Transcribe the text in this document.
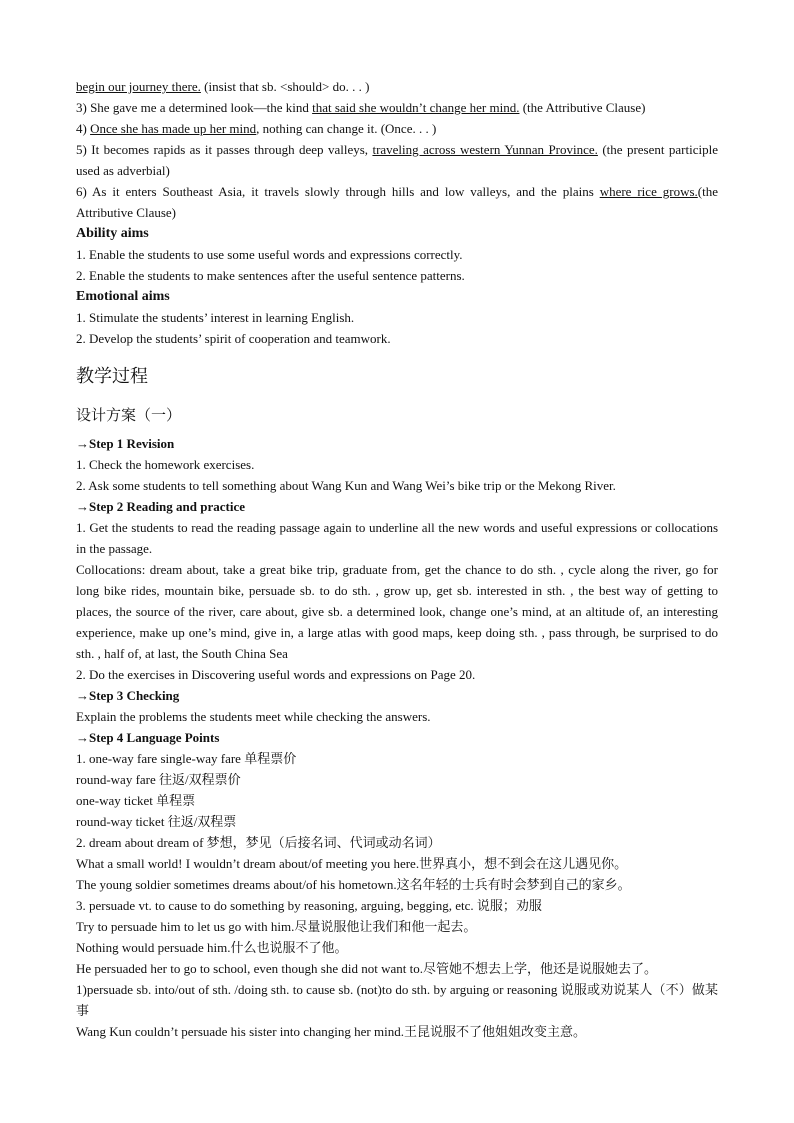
begin our journey there. (insist that sb. <should> do. . . )

3) She gave me a determined look—the kind that said she wouldn’t change her mind. (the Attributive Clause)

4) Once she has made up her mind, nothing can change it. (Once. . . )

5) It becomes rapids as it passes through deep valleys, traveling across western Yunnan Province. (the present participle used as adverbial)

6) As it enters Southeast Asia, it travels slowly through hills and low valleys, and the plains where rice grows.(the Attributive Clause)

Ability aims

1. Enable the students to use some useful words and expressions correctly.

2. Enable the students to make sentences after the useful sentence patterns.

Emotional aims

1. Stimulate the students’ interest in learning English.

2. Develop the students’ spirit of cooperation and teamwork.

教学过程

设计方案（一）

→Step 1 Revision

1. Check the homework exercises.

2. Ask some students to tell something about Wang Kun and Wang Wei’s bike trip or the Mekong River.

→Step 2 Reading and practice

1. Get the students to read the reading passage again to underline all the new words and useful expressions or collocations in the passage.

Collocations: dream about, take a great bike trip, graduate from, get the chance to do sth. , cycle along the river, go for long bike rides, mountain bike, persuade sb. to do sth. , grow up, get sb. interested in sth. , the best way of getting to places, the source of the river, care about, give sb. a determined look, change one’s mind, at an altitude of, an interesting experience, make up one’s mind, give in, a large atlas with good maps, keep doing sth. , pass through, be surprised to do sth. , half of, at last, the South China Sea

2. Do the exercises in Discovering useful words and expressions on Page 20.

→Step 3 Checking

Explain the problems the students meet while checking the answers.

→Step 4 Language Points

1. one-way fare single-way fare 单程票价

round-way fare 往返/双程票价

one-way ticket 单程票

round-way ticket 往返/双程票

2. dream about dream of 梦想，梦见（后接名词、代词或动名词）

What a small world! I wouldn’t dream about/of meeting you here.世界真小，想不到会在这儿遇见你。

The young soldier sometimes dreams about/of his hometown.这名年轻的士兵有时会梦到自己的家乡。

3. persuade vt. to cause to do something by reasoning, arguing, begging, etc. 说服；劝服

Try to persuade him to let us go with him.尽量说服他让我们和他一起去。

Nothing would persuade him.什么也说服不了他。

He persuaded her to go to school, even though she did not want to.尽管她不想去上学，他还是说服她去了。

1)persuade sb. into/out of sth. /doing sth. to cause sb. (not)to do sth. by arguing or reasoning 说服或劝说某人（不）做某事

Wang Kun couldn’t persuade his sister into changing her mind.王昆说服不了他姐姐改变主意。
